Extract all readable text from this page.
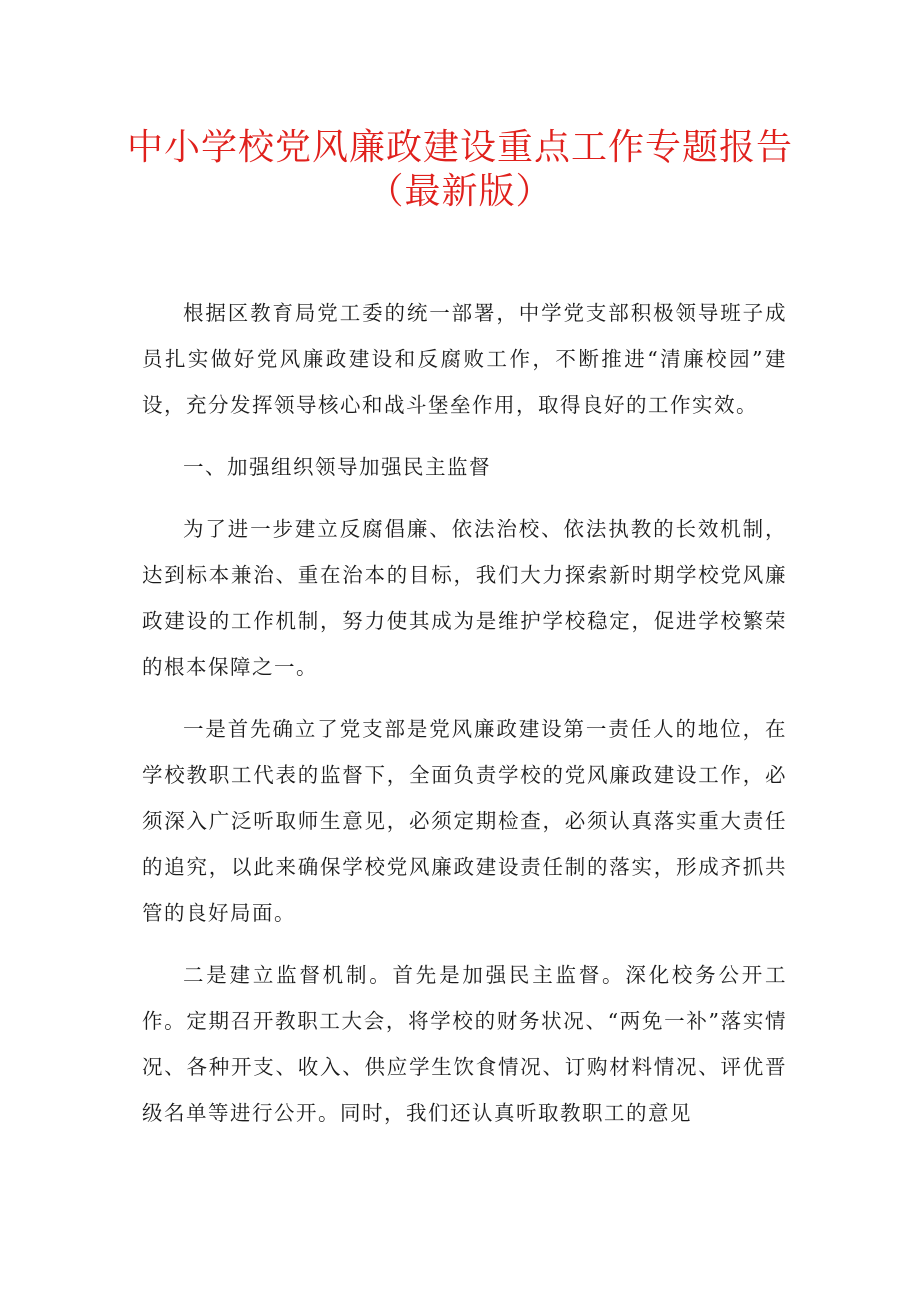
中小学校党风廉政建设重点工作专题报告
（最新版）

根据区教育局党工委的统一部署，中学党支部积极领导班子成员扎实做好党风廉政建设和反腐败工作，不断推进“清廉校园”建设，充分发挥领导核心和战斗堡垒作用，取得良好的工作实效。

一、加强组织领导加强民主监督

为了进一步建立反腐倡廉、依法治校、依法执教的长效机制，达到标本兼治、重在治本的目标，我们大力探索新时期学校党风廉政建设的工作机制，努力使其成为是维护学校稳定，促进学校繁荣的根本保障之一。

一是首先确立了党支部是党风廉政建设第一责任人的地位，在学校教职工代表的监督下，全面负责学校的党风廉政建设工作，必须深入广泛听取师生意见，必须定期检查，必须认真落实重大责任的追究，以此来确保学校党风廉政建设责任制的落实，形成齐抓共管的良好局面。

二是建立监督机制。首先是加强民主监督。深化校务公开工作。定期召开教职工大会，将学校的财务状况、“两免一补”落实情况、各种开支、收入、供应学生饮食情况、订购材料情况、评优晋级名单等进行公开。同时，我们还认真听取教职工的意见
